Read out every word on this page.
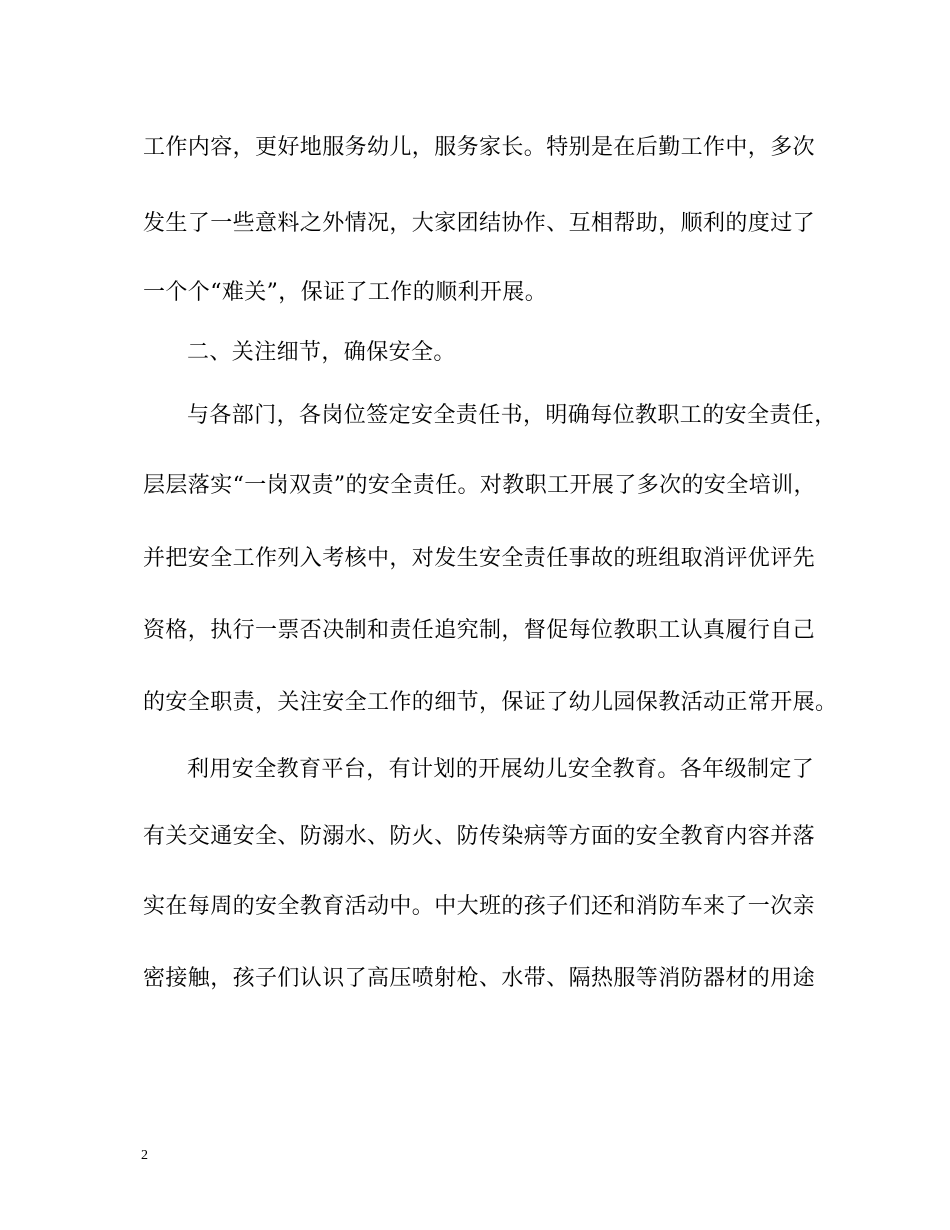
工作内容，更好地服务幼儿，服务家长。特别是在后勤工作中，多次
发生了一些意料之外情况，大家团结协作、互相帮助，顺利的度过了
一个个“难关”，保证了工作的顺利开展。
二、关注细节，确保安全。
与各部门，各岗位签定安全责任书，明确每位教职工的安全责任，
层层落实“一岗双责”的安全责任。对教职工开展了多次的安全培训，
并把安全工作列入考核中，对发生安全责任事故的班组取消评优评先
资格，执行一票否决制和责任追究制，督促每位教职工认真履行自己
的安全职责，关注安全工作的细节，保证了幼儿园保教活动正常开展。
利用安全教育平台，有计划的开展幼儿安全教育。各年级制定了
有关交通安全、防溺水、防火、防传染病等方面的安全教育内容并落
实在每周的安全教育活动中。中大班的孩子们还和消防车来了一次亲
密接触，孩子们认识了高压喷射枪、水带、隔热服等消防器材的用途
2
